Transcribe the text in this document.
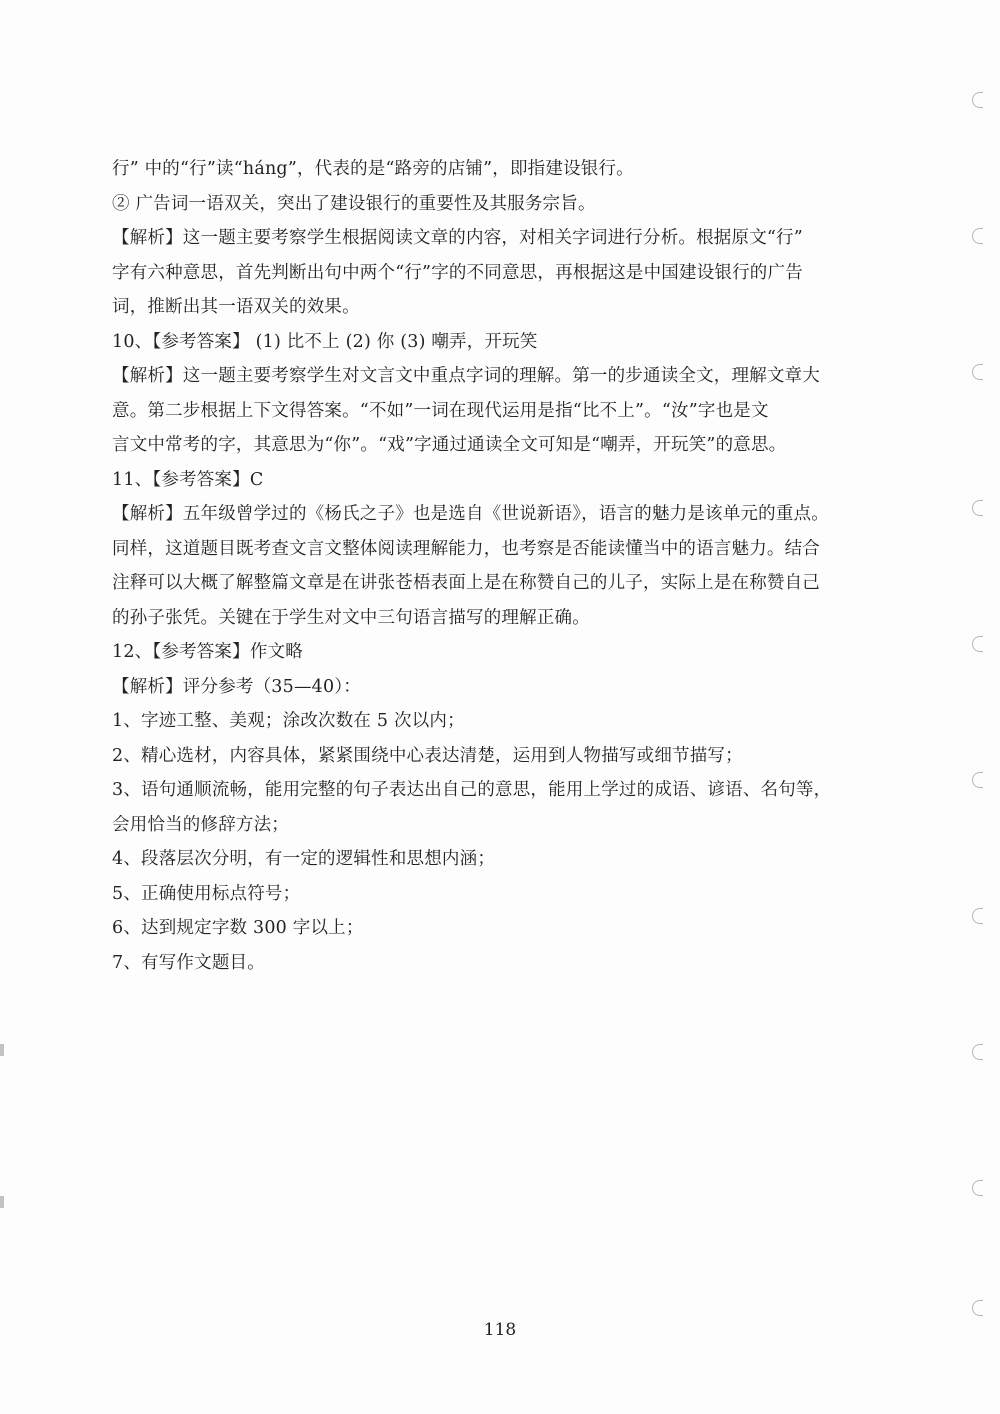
行” 中的“行”读“háng”，代表的是“路旁的店铺”，即指建设银行。
② 广告词一语双关，突出了建设银行的重要性及其服务宗旨。
【解析】这一题主要考察学生根据阅读文章的内容，对相关字词进行分析。根据原文“行”
字有六种意思，首先判断出句中两个“行”字的不同意思，再根据这是中国建设银行的广告
词，推断出其一语双关的效果。
10、【参考答案】 (1) 比不上 (2) 你 (3) 嘲弄，开玩笑
【解析】这一题主要考察学生对文言文中重点字词的理解。第一的步通读全文，理解文章大
意。第二步根据上下文得答案。“不如”一词在现代运用是指“比不上”。“汝”字也是文
言文中常考的字，其意思为“你”。“戏”字通过通读全文可知是“嘲弄，开玩笑”的意思。
11、【参考答案】C
【解析】五年级曾学过的《杨氏之子》也是选自《世说新语》，语言的魅力是该单元的重点。
同样，这道题目既考查文言文整体阅读理解能力，也考察是否能读懂当中的语言魅力。结合
注释可以大概了解整篇文章是在讲张苍梧表面上是在称赞自己的儿子，实际上是在称赞自己
的孙子张凭。关键在于学生对文中三句语言描写的理解正确。
12、【参考答案】作文略
【解析】评分参考（35—40）：
1、字迹工整、美观；涂改次数在 5 次以内；
2、精心选材，内容具体，紧紧围绕中心表达清楚，运用到人物描写或细节描写；
3、语句通顺流畅，能用完整的句子表达出自己的意思，能用上学过的成语、谚语、名句等，
会用恰当的修辞方法；
4、段落层次分明，有一定的逻辑性和思想内涵；
5、正确使用标点符号；
6、达到规定字数 300 字以上；
7、有写作文题目。
118
